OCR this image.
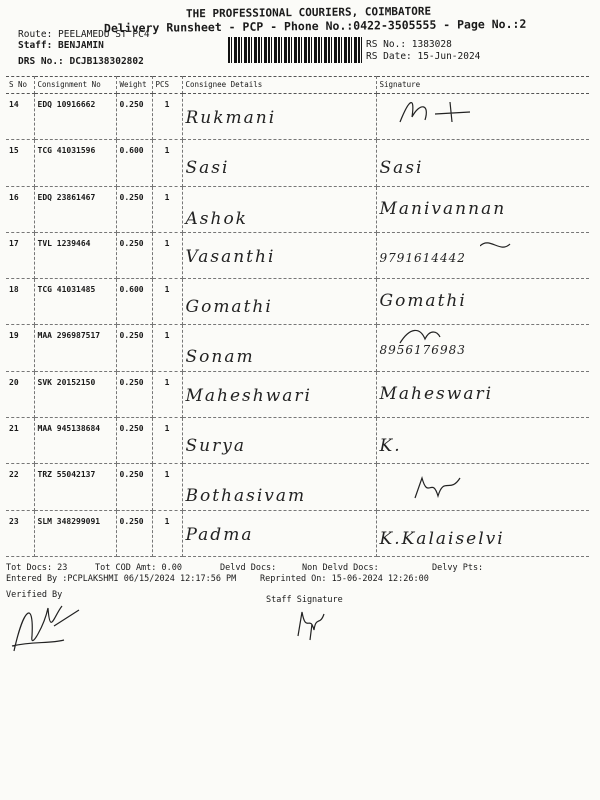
THE PROFESSIONAL COURIERS, COIMBATORE
Delivery Runsheet - PCP - Phone No.:0422-3505555 - Page No.:2
Route: PEELAMEDU ST PC4
Staff: BENJAMIN
DRS No.: DCJB138302802
RS No.: 1383028
RS Date: 15-Jun-2024
S No	Consignment No	Weight	PCS	Consignee Details	Signature
14	EDQ 10916662	0.250	1	Rukmani	

15	TCG 41031596	0.600	1	Sasi	Sasi

16	EDQ 23861467	0.250	1	Ashok	Manivannan

17	TVL 1239464	0.250	1	Vasanthi	9791614442

18	TCG 41031485	0.600	1	Gomathi	Gomathi

19	MAA 296987517	0.250	1	Sonam	8956176983

20	SVK 20152150	0.250	1	Maheshwari	Maheswari

21	MAA 945138684	0.250	1	Surya	K.

22	TRZ 55042137	0.250	1	Bothasivam	

23	SLM 348299091	0.250	1	Padma	K.Kalaiselvi
Tot Docs: 23	Tot COD Amt: 0.00	Delvd Docs:	Non Delvd Docs:	Delvy Pts:
Entered By :PCPLAKSHMI 06/15/2024 12:17:56 PM	Reprinted On: 15-06-2024 12:26:00
Verified By	Staff Signature
